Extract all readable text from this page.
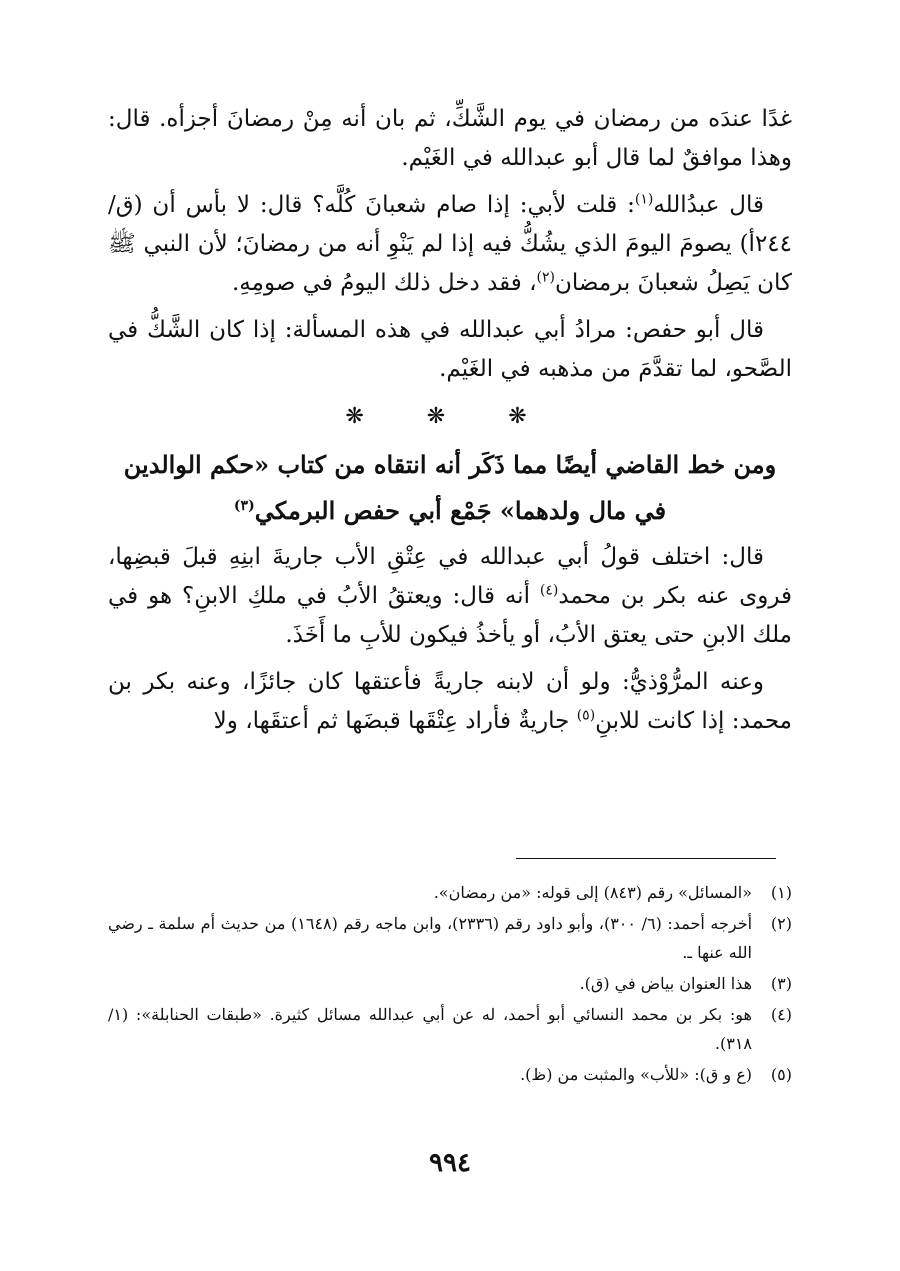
غدًا عندَه من رمضان في يوم الشَّكِّ، ثم بان أنه مِنْ رمضانَ أجزأه. قال: وهذا موافقٌ لما قال أبو عبدالله في الغَيْم.

قال عبدُالله$^{(١)}$: قلت لأبي: إذا صام شعبانَ كُلَّه؟ قال: لا بأس أن (ق/ ٢٤٤أ) يصومَ اليومَ الذي يشُكُّ فيه إذا لم يَنْوِ أنه من رمضانَ؛ لأن النبي ﷺ كان يَصِلُ شعبانَ برمضان$^{(٢)}$، فقد دخل ذلك اليومُ في صومِهِ.

قال أبو حفص: مرادُ أبي عبدالله في هذه المسألة: إذا كان الشَّكُّ في الصَّحو، لما تقدَّمَ من مذهبه في الغَيْم.

❋ ❋ ❋
ومن خط القاضي أيضًا مما ذَكَر أنه انتقاه من كتاب «حكم الوالدين
في مال ولدهما» جَمْع أبي حفص البرمكي$^{(٣)}$

قال: اختلف قولُ أبي عبدالله في عِتْقِ الأب جاريةَ ابنِهِ قبلَ قبضِها، فروى عنه بكر بن محمد$^{(٤)}$ أنه قال: ويعتقُ الأبُ في ملكِ الابنِ؟ هو في ملك الابنِ حتى يعتق الأبُ، أو يأخذُ فيكون للأبِ ما أَخَذَ.

وعنه المرُّوْذيُّ: ولو أن لابنه جاريةً فأعتقها كان جائزًا، وعنه بكر بن محمد: إذا كانت للابنِ$^{(٥)}$ جاريةٌ فأراد عِتْقَها قبضَها ثم أعتقَها، ولا

(١)
«المسائل» رقم (٨٤٣) إلى قوله: «من رمضان».
(٢)
أخرجه أحمد: (٦/ ٣٠٠)، وأبو داود رقم (٢٣٣٦)، وابن ماجه رقم (١٦٤٨) من حديث أم سلمة ـ رضي الله عنها ـ.
(٣)
هذا العنوان بياض في (ق).
(٤)
هو: بكر بن محمد النسائي أبو أحمد، له عن أبي عبدالله مسائل كثيرة. «طبقات الحنابلة»: (١/ ٣١٨).
(٥)
(ع و ق): «للأب» والمثبت من (ظ).
٩٩٤
